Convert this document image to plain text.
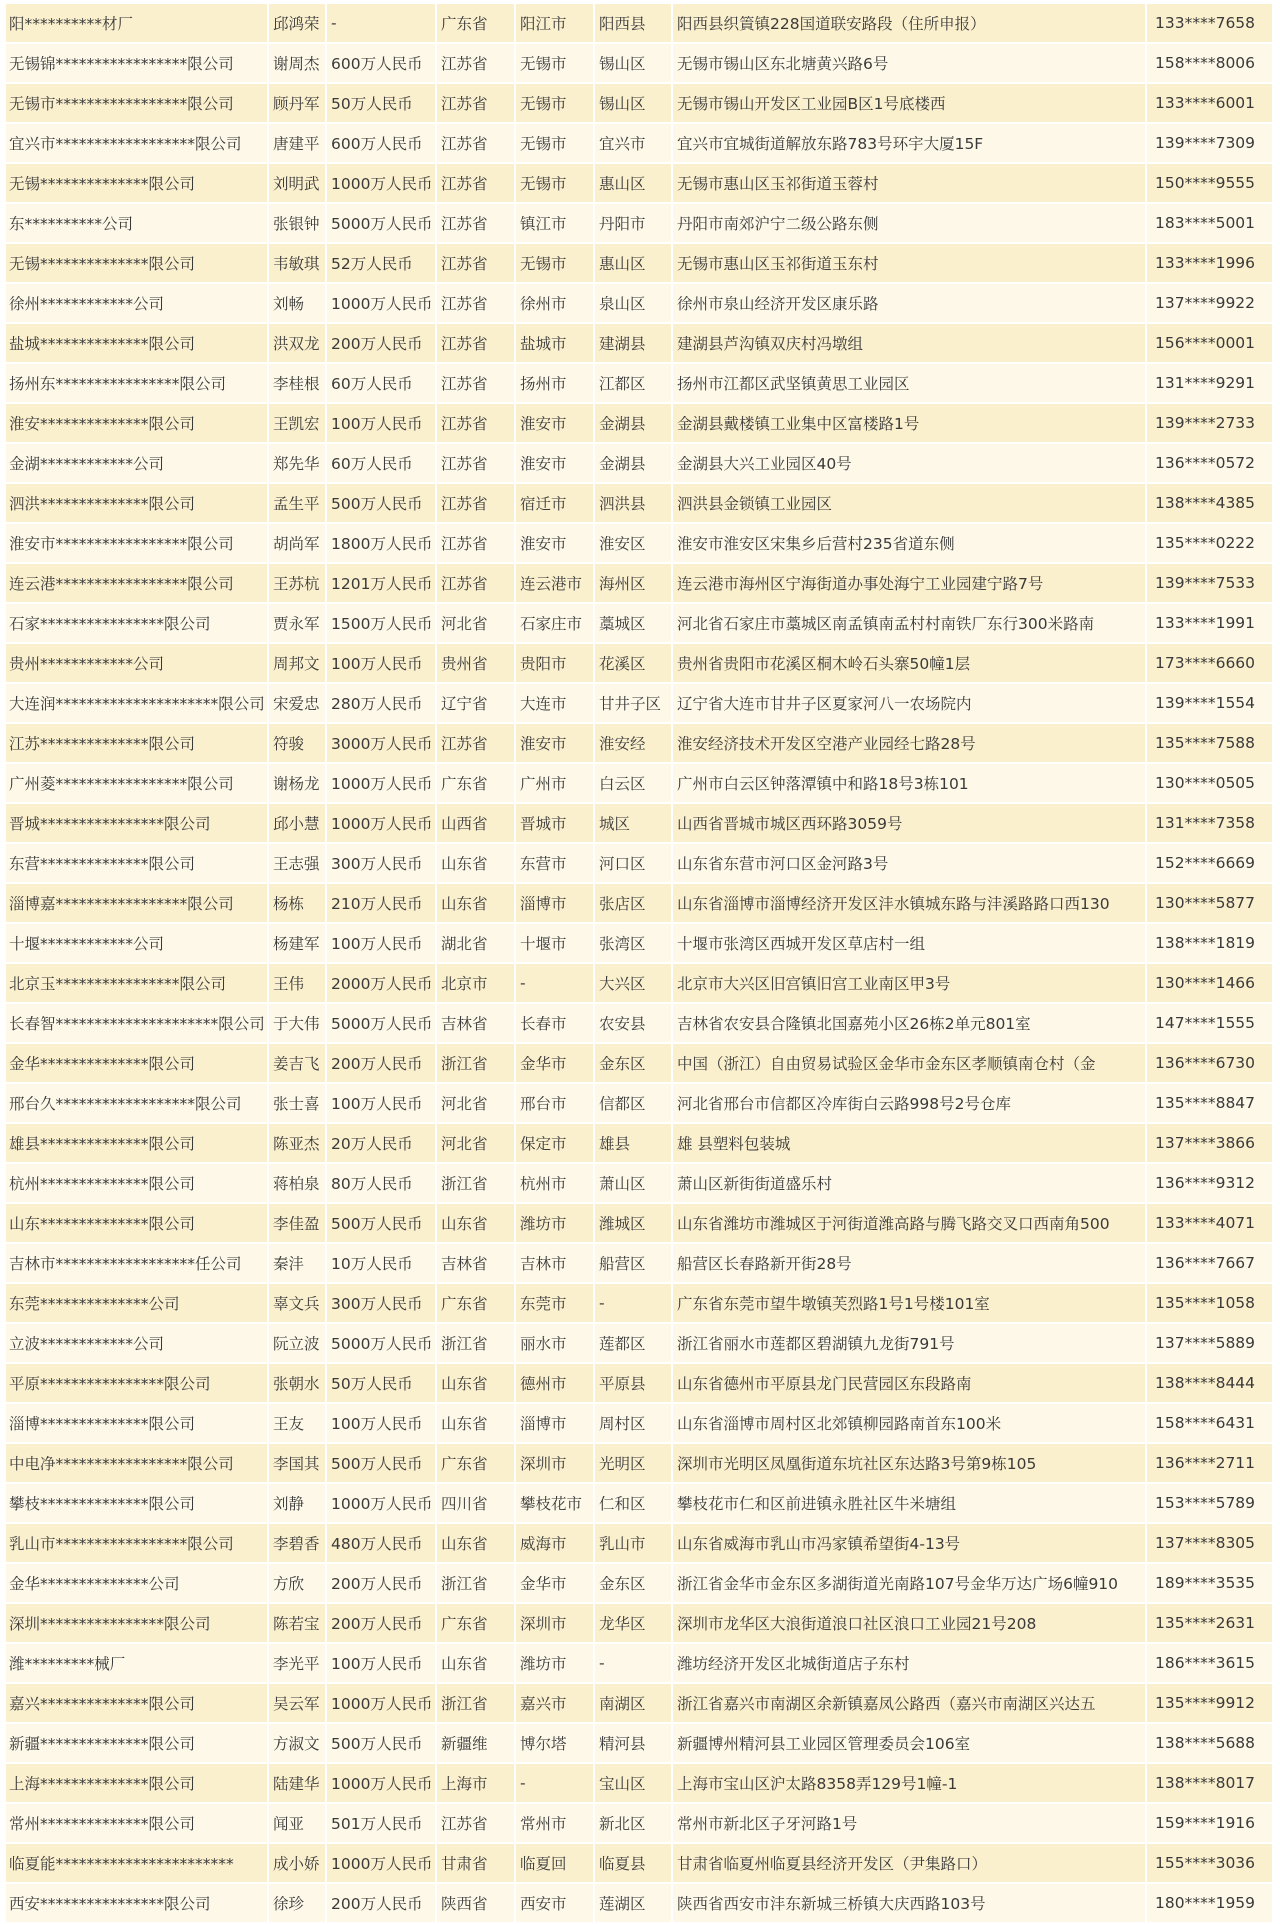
阳**********材厂	邱鸿荣	-	广东省	阳江市	阳西县	阳西县织篢镇228国道联安路段（住所申报）	133****7658
无锡锦*****************限公司	谢周杰	600万人民币	江苏省	无锡市	锡山区	无锡市锡山区东北塘黄兴路6号	158****8006
无锡市*****************限公司	顾丹军	50万人民币	江苏省	无锡市	锡山区	无锡市锡山开发区工业园B区1号底楼西	133****6001
宜兴市******************限公司	唐建平	600万人民币	江苏省	无锡市	宜兴市	宜兴市宜城街道解放东路783号环宇大厦15F	139****7309
无锡**************限公司	刘明武	1000万人民币	江苏省	无锡市	惠山区	无锡市惠山区玉祁街道玉蓉村	150****9555
东**********公司	张银钟	5000万人民币	江苏省	镇江市	丹阳市	丹阳市南郊沪宁二级公路东侧	183****5001
无锡**************限公司	韦敏琪	52万人民币	江苏省	无锡市	惠山区	无锡市惠山区玉祁街道玉东村	133****1996
徐州************公司	刘畅	1000万人民币	江苏省	徐州市	泉山区	徐州市泉山经济开发区康乐路	137****9922
盐城**************限公司	洪双龙	200万人民币	江苏省	盐城市	建湖县	建湖县芦沟镇双庆村冯墩组	156****0001
扬州东****************限公司	李桂根	60万人民币	江苏省	扬州市	江都区	扬州市江都区武坚镇黄思工业园区	131****9291
淮安**************限公司	王凯宏	100万人民币	江苏省	淮安市	金湖县	金湖县戴楼镇工业集中区富楼路1号	139****2733
金湖************公司	郑先华	60万人民币	江苏省	淮安市	金湖县	金湖县大兴工业园区40号	136****0572
泗洪**************限公司	孟生平	500万人民币	江苏省	宿迁市	泗洪县	泗洪县金锁镇工业园区	138****4385
淮安市*****************限公司	胡尚军	1800万人民币	江苏省	淮安市	淮安区	淮安市淮安区宋集乡后营村235省道东侧	135****0222
连云港*****************限公司	王苏杭	1201万人民币	江苏省	连云港市	海州区	连云港市海州区宁海街道办事处海宁工业园建宁路7号	139****7533
石家****************限公司	贾永军	1500万人民币	河北省	石家庄市	藁城区	河北省石家庄市藁城区南孟镇南孟村村南铁厂东行300米路南	133****1991
贵州************公司	周邦文	100万人民币	贵州省	贵阳市	花溪区	贵州省贵阳市花溪区桐木岭石头寨50幢1层	173****6660
大连润*********************限公司	宋爱忠	280万人民币	辽宁省	大连市	甘井子区	辽宁省大连市甘井子区夏家河八一农场院内	139****1554
江苏**************限公司	符骏	3000万人民币	江苏省	淮安市	淮安经	淮安经济技术开发区空港产业园经七路28号	135****7588
广州菱*****************限公司	谢杨龙	1000万人民币	广东省	广州市	白云区	广州市白云区钟落潭镇中和路18号3栋101	130****0505
晋城****************限公司	邱小慧	1000万人民币	山西省	晋城市	城区	山西省晋城市城区西环路3059号	131****7358
东营**************限公司	王志强	300万人民币	山东省	东营市	河口区	山东省东营市河口区金河路3号	152****6669
淄博嘉*****************限公司	杨栋	210万人民币	山东省	淄博市	张店区	山东省淄博市淄博经济开发区沣水镇城东路与沣溪路路口西130	130****5877
十堰************公司	杨建军	100万人民币	湖北省	十堰市	张湾区	十堰市张湾区西城开发区草店村一组	138****1819
北京玉****************限公司	王伟	2000万人民币	北京市	-	大兴区	北京市大兴区旧宫镇旧宫工业南区甲3号	130****1466
长春智*********************限公司	于大伟	5000万人民币	吉林省	长春市	农安县	吉林省农安县合隆镇北国嘉苑小区26栋2单元801室	147****1555
金华**************限公司	姜吉飞	200万人民币	浙江省	金华市	金东区	中国（浙江）自由贸易试验区金华市金东区孝顺镇南仓村（金	136****6730
邢台久******************限公司	张士喜	100万人民币	河北省	邢台市	信都区	河北省邢台市信都区冷库街白云路998号2号仓库	135****8847
雄县**************限公司	陈亚杰	20万人民币	河北省	保定市	雄县	雄 县塑料包装城	137****3866
杭州**************限公司	蒋柏泉	80万人民币	浙江省	杭州市	萧山区	萧山区新街街道盛乐村	136****9312
山东**************限公司	李佳盈	500万人民币	山东省	潍坊市	潍城区	山东省潍坊市潍城区于河街道潍高路与腾飞路交叉口西南角500	133****4071
吉林市******************任公司	秦沣	10万人民币	吉林省	吉林市	船营区	船营区长春路新开街28号	136****7667
东莞**************公司	辜文兵	300万人民币	广东省	东莞市	-	广东省东莞市望牛墩镇芙烈路1号1号楼101室	135****1058
立波************公司	阮立波	5000万人民币	浙江省	丽水市	莲都区	浙江省丽水市莲都区碧湖镇九龙街791号	137****5889
平原****************限公司	张朝水	50万人民币	山东省	德州市	平原县	山东省德州市平原县龙门民营园区东段路南	138****8444
淄博**************限公司	王友	100万人民币	山东省	淄博市	周村区	山东省淄博市周村区北郊镇柳园路南首东100米	158****6431
中电净*****************限公司	李国其	500万人民币	广东省	深圳市	光明区	深圳市光明区凤凰街道东坑社区东达路3号第9栋105	136****2711
攀枝**************限公司	刘静	1000万人民币	四川省	攀枝花市	仁和区	攀枝花市仁和区前进镇永胜社区牛米塘组	153****5789
乳山市*****************限公司	李碧香	480万人民币	山东省	威海市	乳山市	山东省威海市乳山市冯家镇希望街4-13号	137****8305
金华**************公司	方欣	200万人民币	浙江省	金华市	金东区	浙江省金华市金东区多湖街道光南路107号金华万达广场6幢910	189****3535
深圳****************限公司	陈若宝	200万人民币	广东省	深圳市	龙华区	深圳市龙华区大浪街道浪口社区浪口工业园21号208	135****2631
潍*********械厂	李光平	100万人民币	山东省	潍坊市	-	潍坊经济开发区北城街道店子东村	186****3615
嘉兴**************限公司	吴云军	1000万人民币	浙江省	嘉兴市	南湖区	浙江省嘉兴市南湖区余新镇嘉凤公路西（嘉兴市南湖区兴达五	135****9912
新疆**************限公司	方淑文	500万人民币	新疆维	博尔塔	精河县	新疆博州精河县工业园区管理委员会106室	138****5688
上海**************限公司	陆建华	1000万人民币	上海市	-	宝山区	上海市宝山区沪太路8358弄129号1幢-1	138****8017
常州**************限公司	闻亚	501万人民币	江苏省	常州市	新北区	常州市新北区子牙河路1号	159****1916
临夏能***********************	成小娇	1000万人民币	甘肃省	临夏回	临夏县	甘肃省临夏州临夏县经济开发区（尹集路口）	155****3036
西安****************限公司	徐珍	200万人民币	陕西省	西安市	莲湖区	陕西省西安市沣东新城三桥镇大庆西路103号	180****1959
